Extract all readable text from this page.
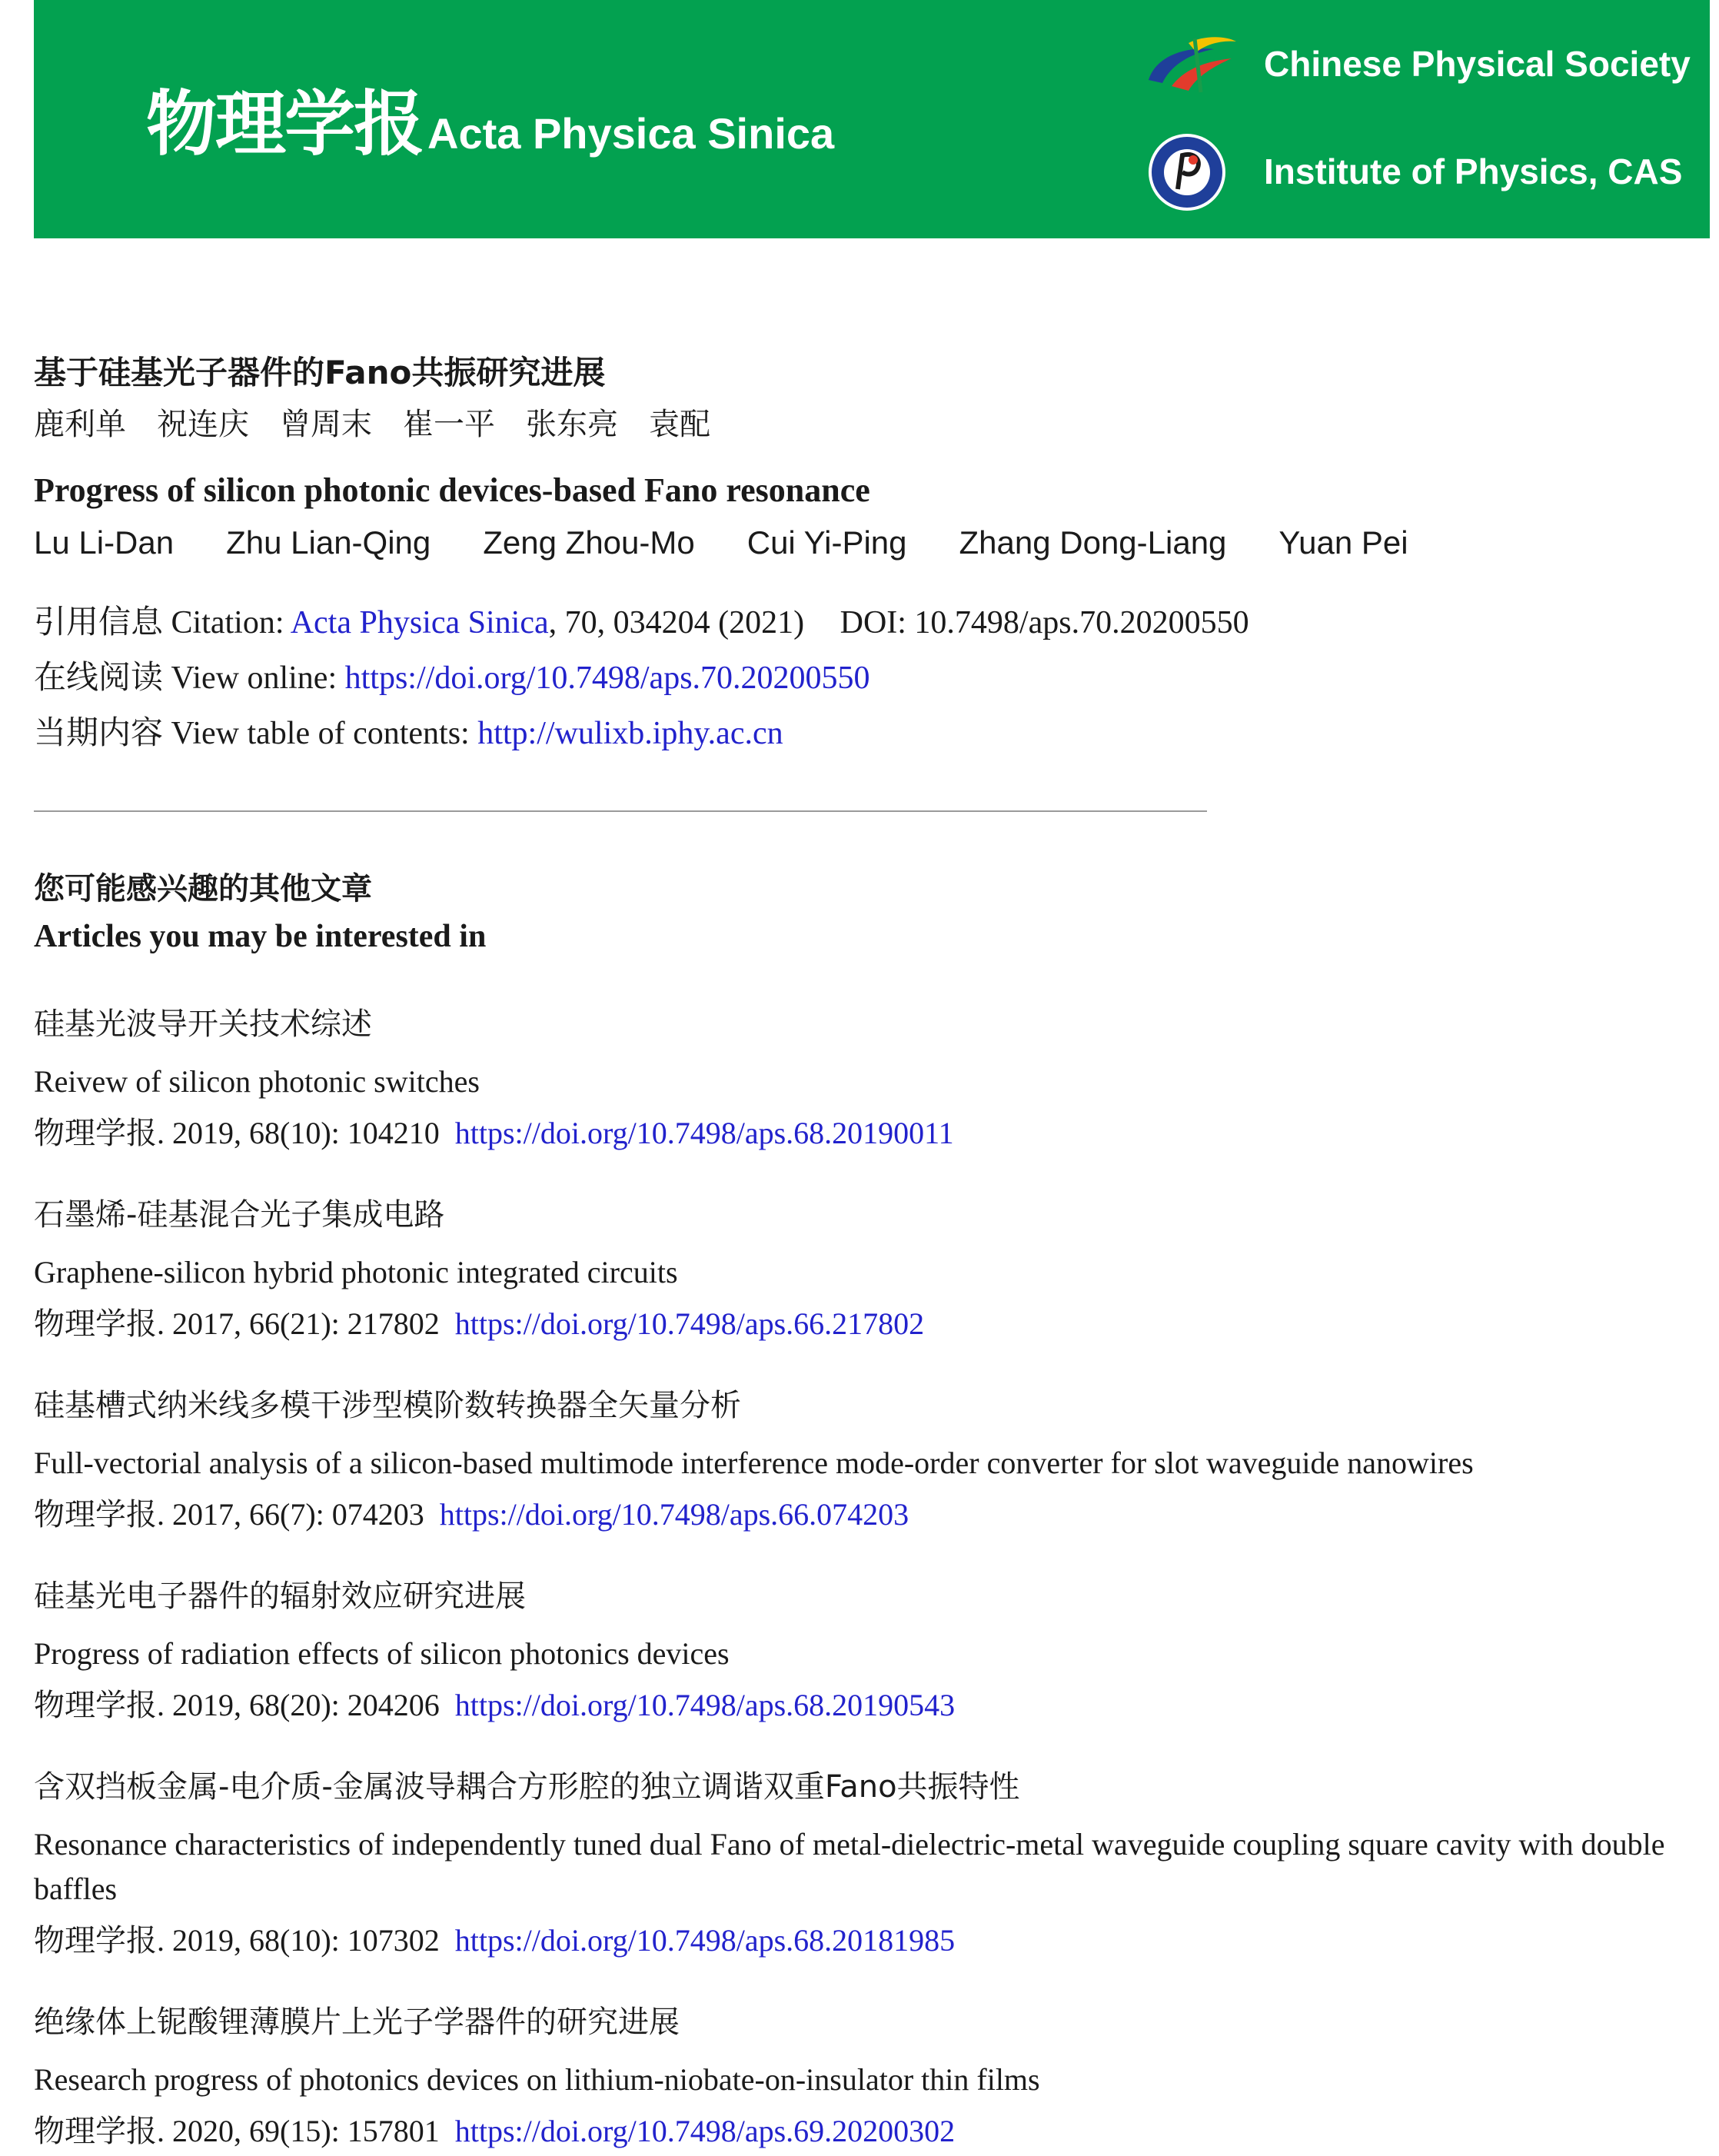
物理学报 Acta Physica Sinica
Chinese Physical Society
Institute of Physics, CAS
基于硅基光子器件的Fano共振研究进展
鹿利单 祝连庆 曾周末 崔一平 张东亮 袁配
Progress of silicon photonic devices-based Fano resonance
Lu Li-Dan Zhu Lian-Qing Zeng Zhou-Mo Cui Yi-Ping Zhang Dong-Liang Yuan Pei
引用信息 Citation: Acta Physica Sinica, 70, 034204 (2021) DOI: 10.7498/aps.70.20200550
在线阅读 View online: https://doi.org/10.7498/aps.70.20200550
当期内容 View table of contents: http://wulixb.iphy.ac.cn
您可能感兴趣的其他文章
Articles you may be interested in
硅基光波导开关技术综述
Reivew of silicon photonic switches
物理学报. 2019, 68(10): 104210 https://doi.org/10.7498/aps.68.20190011
石墨烯-硅基混合光子集成电路
Graphene-silicon hybrid photonic integrated circuits
物理学报. 2017, 66(21): 217802 https://doi.org/10.7498/aps.66.217802
硅基槽式纳米线多模干涉型模阶数转换器全矢量分析
Full-vectorial analysis of a silicon-based multimode interference mode-order converter for slot waveguide nanowires
物理学报. 2017, 66(7): 074203 https://doi.org/10.7498/aps.66.074203
硅基光电子器件的辐射效应研究进展
Progress of radiation effects of silicon photonics devices
物理学报. 2019, 68(20): 204206 https://doi.org/10.7498/aps.68.20190543
含双挡板金属-电介质-金属波导耦合方形腔的独立调谐双重Fano共振特性
Resonance characteristics of independently tuned dual Fano of metal-dielectric-metal waveguide coupling square cavity with double baffles
物理学报. 2019, 68(10): 107302 https://doi.org/10.7498/aps.68.20181985
绝缘体上铌酸锂薄膜片上光子学器件的研究进展
Research progress of photonics devices on lithium-niobate-on-insulator thin films
物理学报. 2020, 69(15): 157801 https://doi.org/10.7498/aps.69.20200302
